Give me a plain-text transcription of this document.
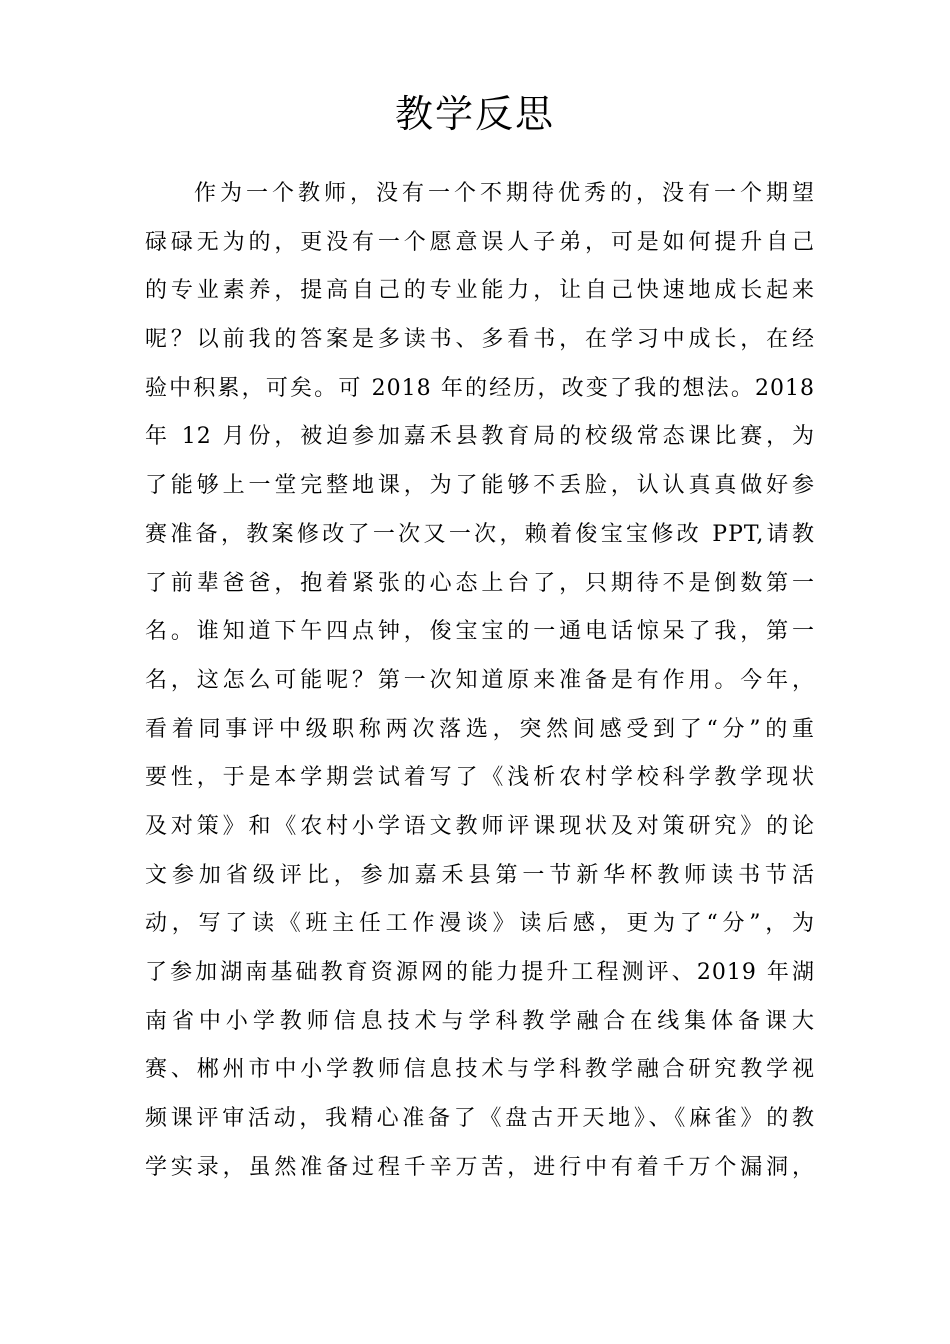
教学反思
作为一个教师，没有一个不期待优秀的，没有一个期望
碌碌无为的，更没有一个愿意误人子弟，可是如何提升自己
的专业素养，提高自己的专业能力，让自己快速地成长起来
呢？以前我的答案是多读书、多看书，在学习中成长，在经
验中积累，可矣。可 2018 年的经历，改变了我的想法。2018
年 12 月份，被迫参加嘉禾县教育局的校级常态课比赛，为
了能够上一堂完整地课，为了能够不丢脸，认认真真做好参
赛准备，教案修改了一次又一次，赖着俊宝宝修改 PPT,请教
了前辈爸爸，抱着紧张的心态上台了，只期待不是倒数第一
名。谁知道下午四点钟，俊宝宝的一通电话惊呆了我，第一
名，这怎么可能呢？第一次知道原来准备是有作用。今年，
看着同事评中级职称两次落选，突然间感受到了“分”的重
要性，于是本学期尝试着写了《浅析农村学校科学教学现状
及对策》和《农村小学语文教师评课现状及对策研究》的论
文参加省级评比，参加嘉禾县第一节新华杯教师读书节活
动，写了读《班主任工作漫谈》读后感，更为了“分”，为
了参加湖南基础教育资源网的能力提升工程测评、2019 年湖
南省中小学教师信息技术与学科教学融合在线集体备课大
赛、郴州市中小学教师信息技术与学科教学融合研究教学视
频课评审活动，我精心准备了《盘古开天地》、《麻雀》的教
学实录，虽然准备过程千辛万苦，进行中有着千万个漏洞，
